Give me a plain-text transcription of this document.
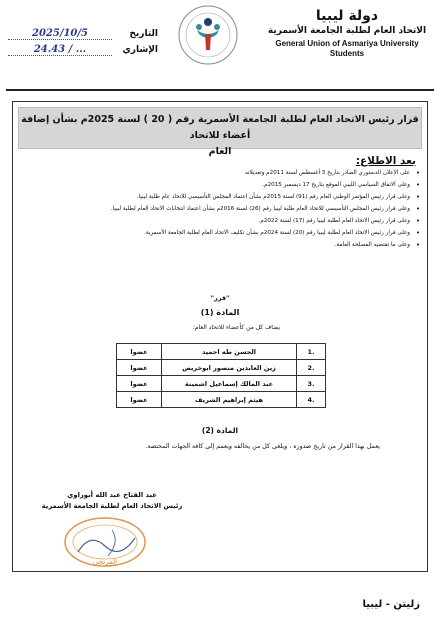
دولة ليبيا
الاتحاد العام لطلبة الجامعة الأسمرية
General Union of Asmariya University
Students
التاريخ
2025/10/5
الإشاري
24.43 / ...
قرار رئيس الاتحاد العام لطلبة الجامعة الأسمرية رقم ( 20 ) لسنة 2025م بشأن إضافة أعضاء للاتحاد
العام
بعد الاطلاع:
• على الإعلان الدستوري الصادر بتاريخ 3 أغسطس لسنة 2011م وتعديلاته
• وعلى الاتفاق السياسي الليبي الموقع بتاريخ 17 ديسمبر 2015م.
• وعلى قرار رئيس المؤتمر الوطني العام رقم (91) لسنة 2015م بشأن اعتماد المجلس التأسيسي للاتحاد عام طلبة ليبيا.
• وعلى قرار رئيس المجلس التأسيسي للاتحاد العام طلبة ليبيا رقم (26) لسنة 2016م بشأن اعتماد انتخابات الاتحاد العام لطلبة ليبيا.
• وعلى قرار رئيس الاتحاد العام لطلبة ليبيا رقم (17) لسنة 2022م.
• وعلى قرار رئيس الاتحاد العام لطلبة ليبيا رقم (20) لسنة 2024م بشأن تكليف الاتحاد العام لطلبة الجامعة الأسمرية.
• وعلى ما تقتضيه المصلحة العامة.
"قرر"
المادة (1)
يضاف كل من كأعضاء للاتحاد العام:
.1	الحسن طه احميد	عضوا
.2	زين العابدين منصور ابوخريص	عضوا
.3	عبد المالك إسماعيل اشمينة	عضوا
.4	هيثم إبراهيم الشريف	عضوا
المادة (2)
يعمل بهذا القرار من تاريخ صدوره ، ويلغى كل من يخالفه ويعمم إلى كافة الجهات المختصة.
عبد الفتاح عبد الله أبوراوي
رئيس الاتحاد العام لطلبة الجامعة الأسمرية
المرتجي
زليتن - ليبيا
